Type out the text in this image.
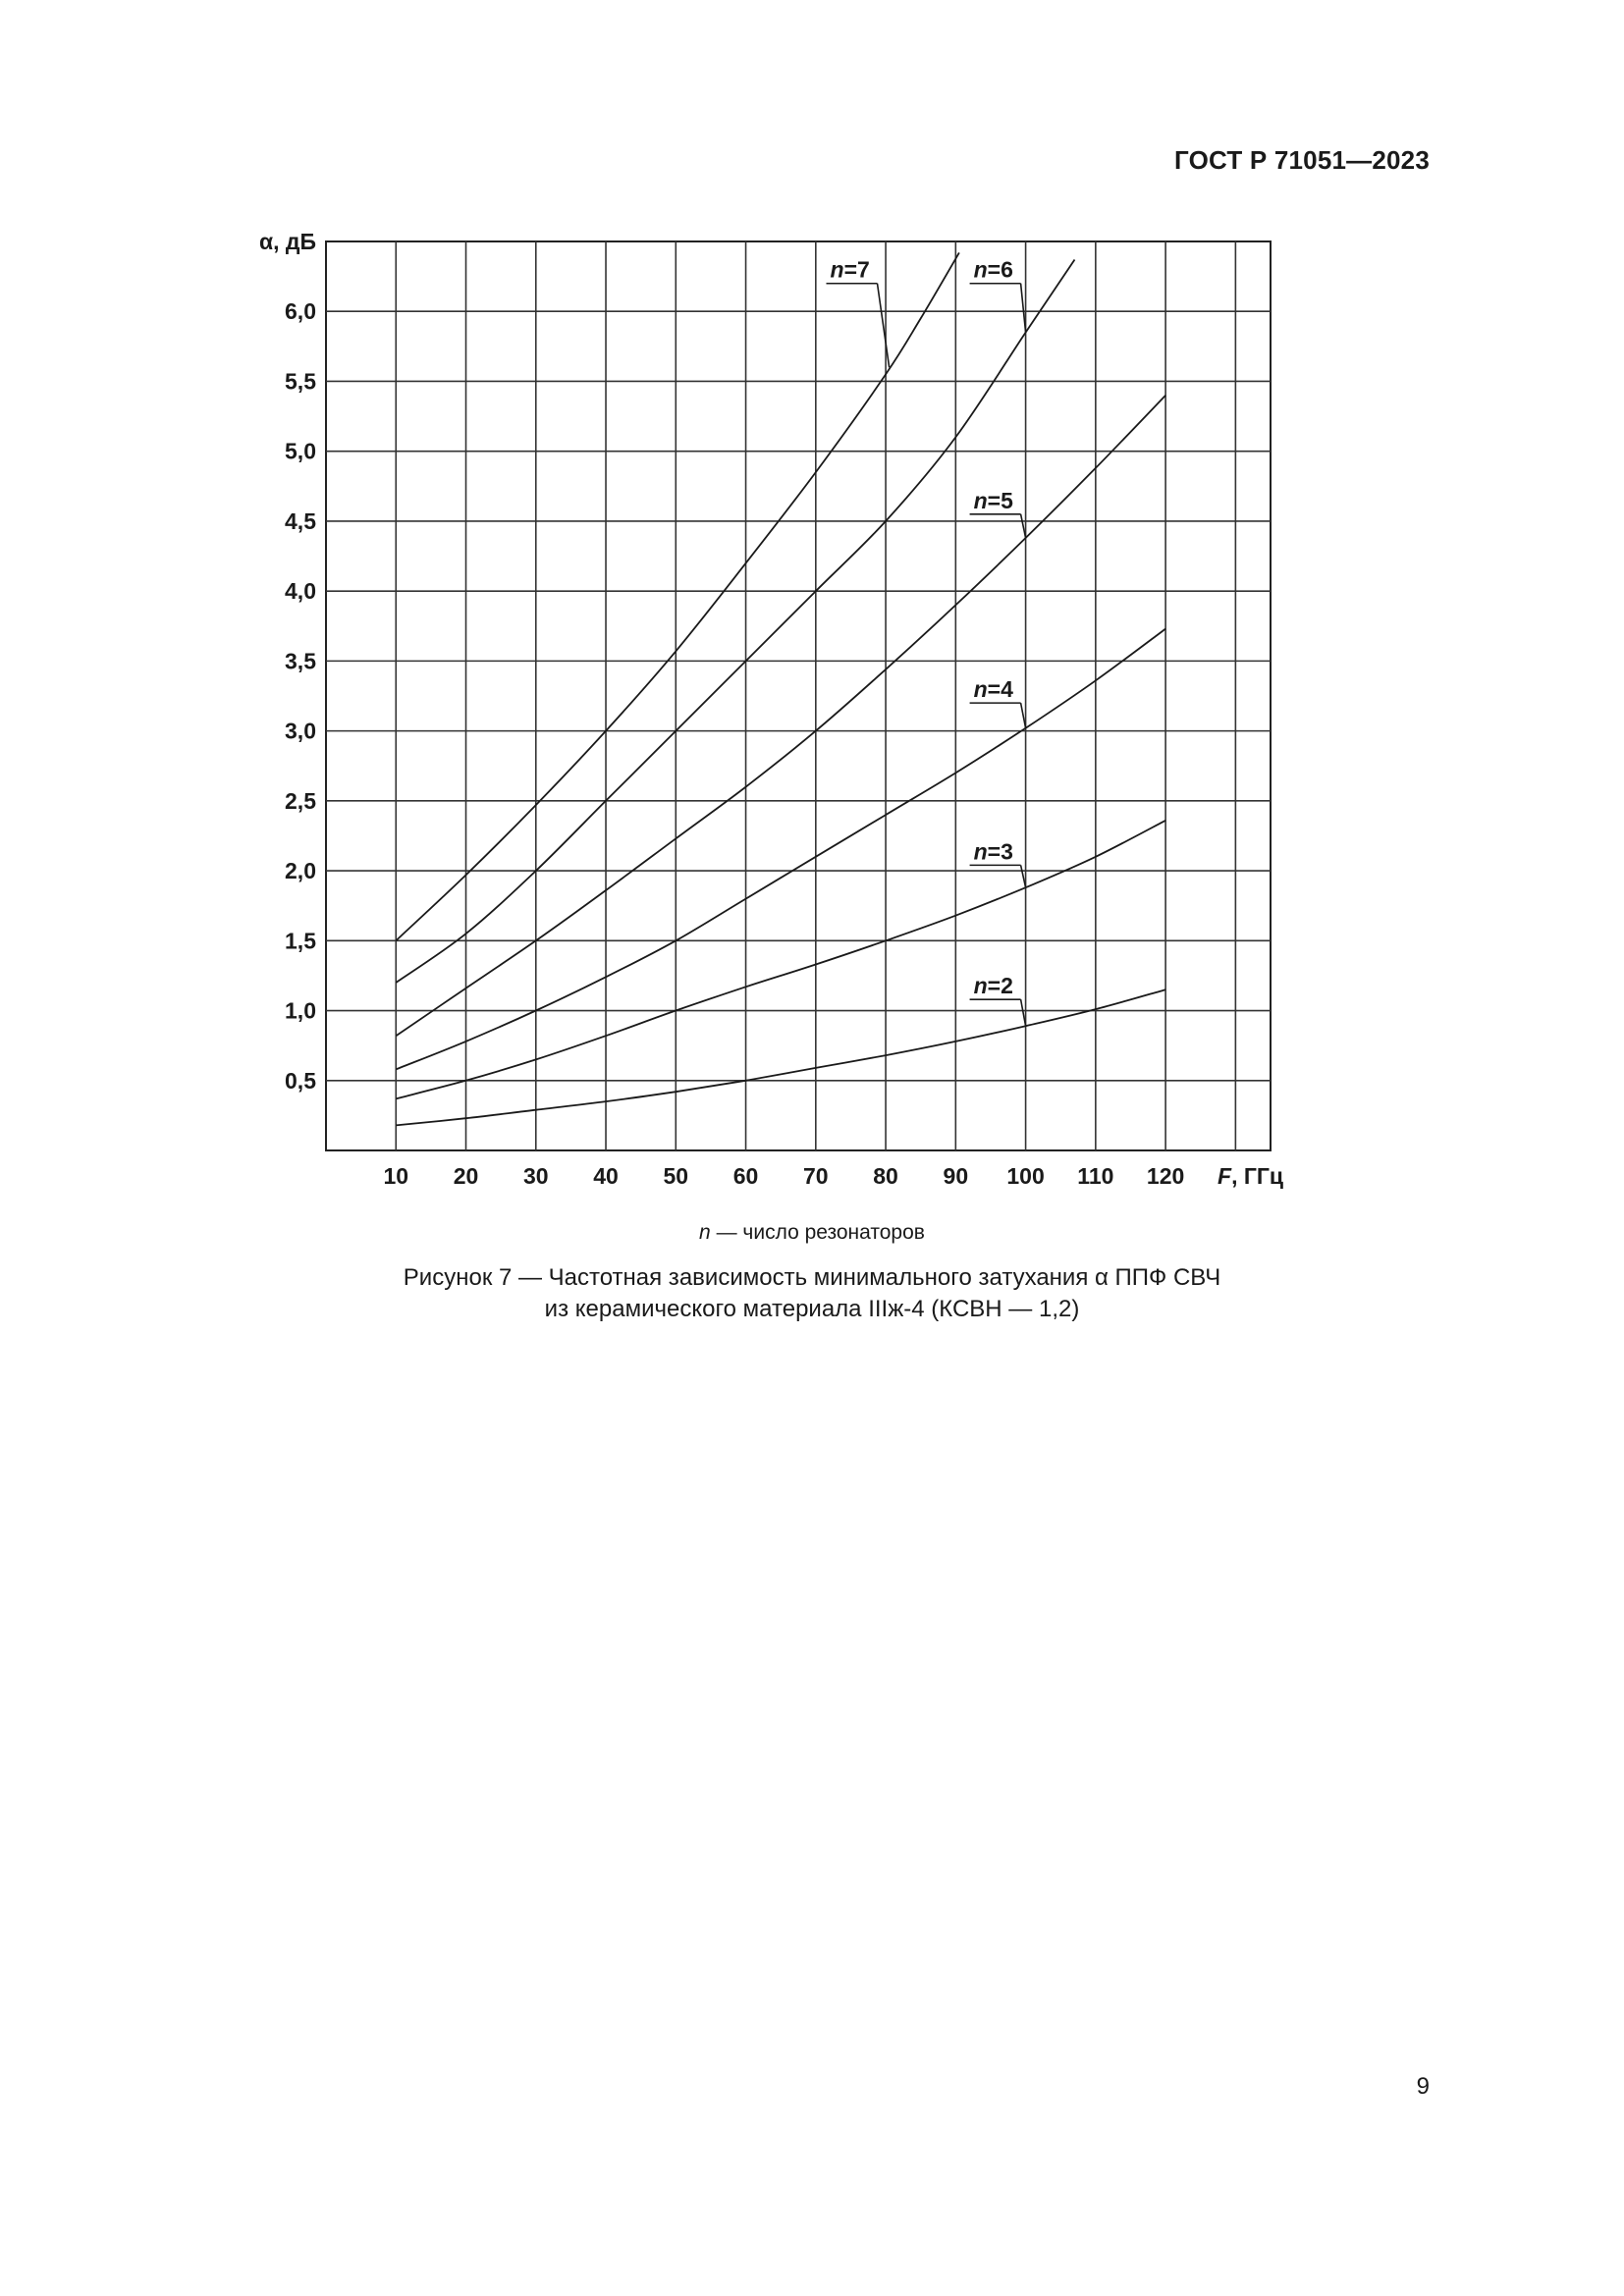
ГОСТ Р 71051—2023
10 20 30 40 50 60 70 80 90 100 110 120
0,5
1,0
1,5
2,0
2,5
3,0
3,5
4,0
4,5
5,0
5,5
6,0
α, дБ
F, ГГц
n=2
n=3
n=4
n=5
n=6
n=7
n — число резонаторов
Рисунок 7 — Частотная зависимость минимального затухания α ППФ СВЧ
из керамического материала IIIж-4 (КСВН — 1,2)
9
